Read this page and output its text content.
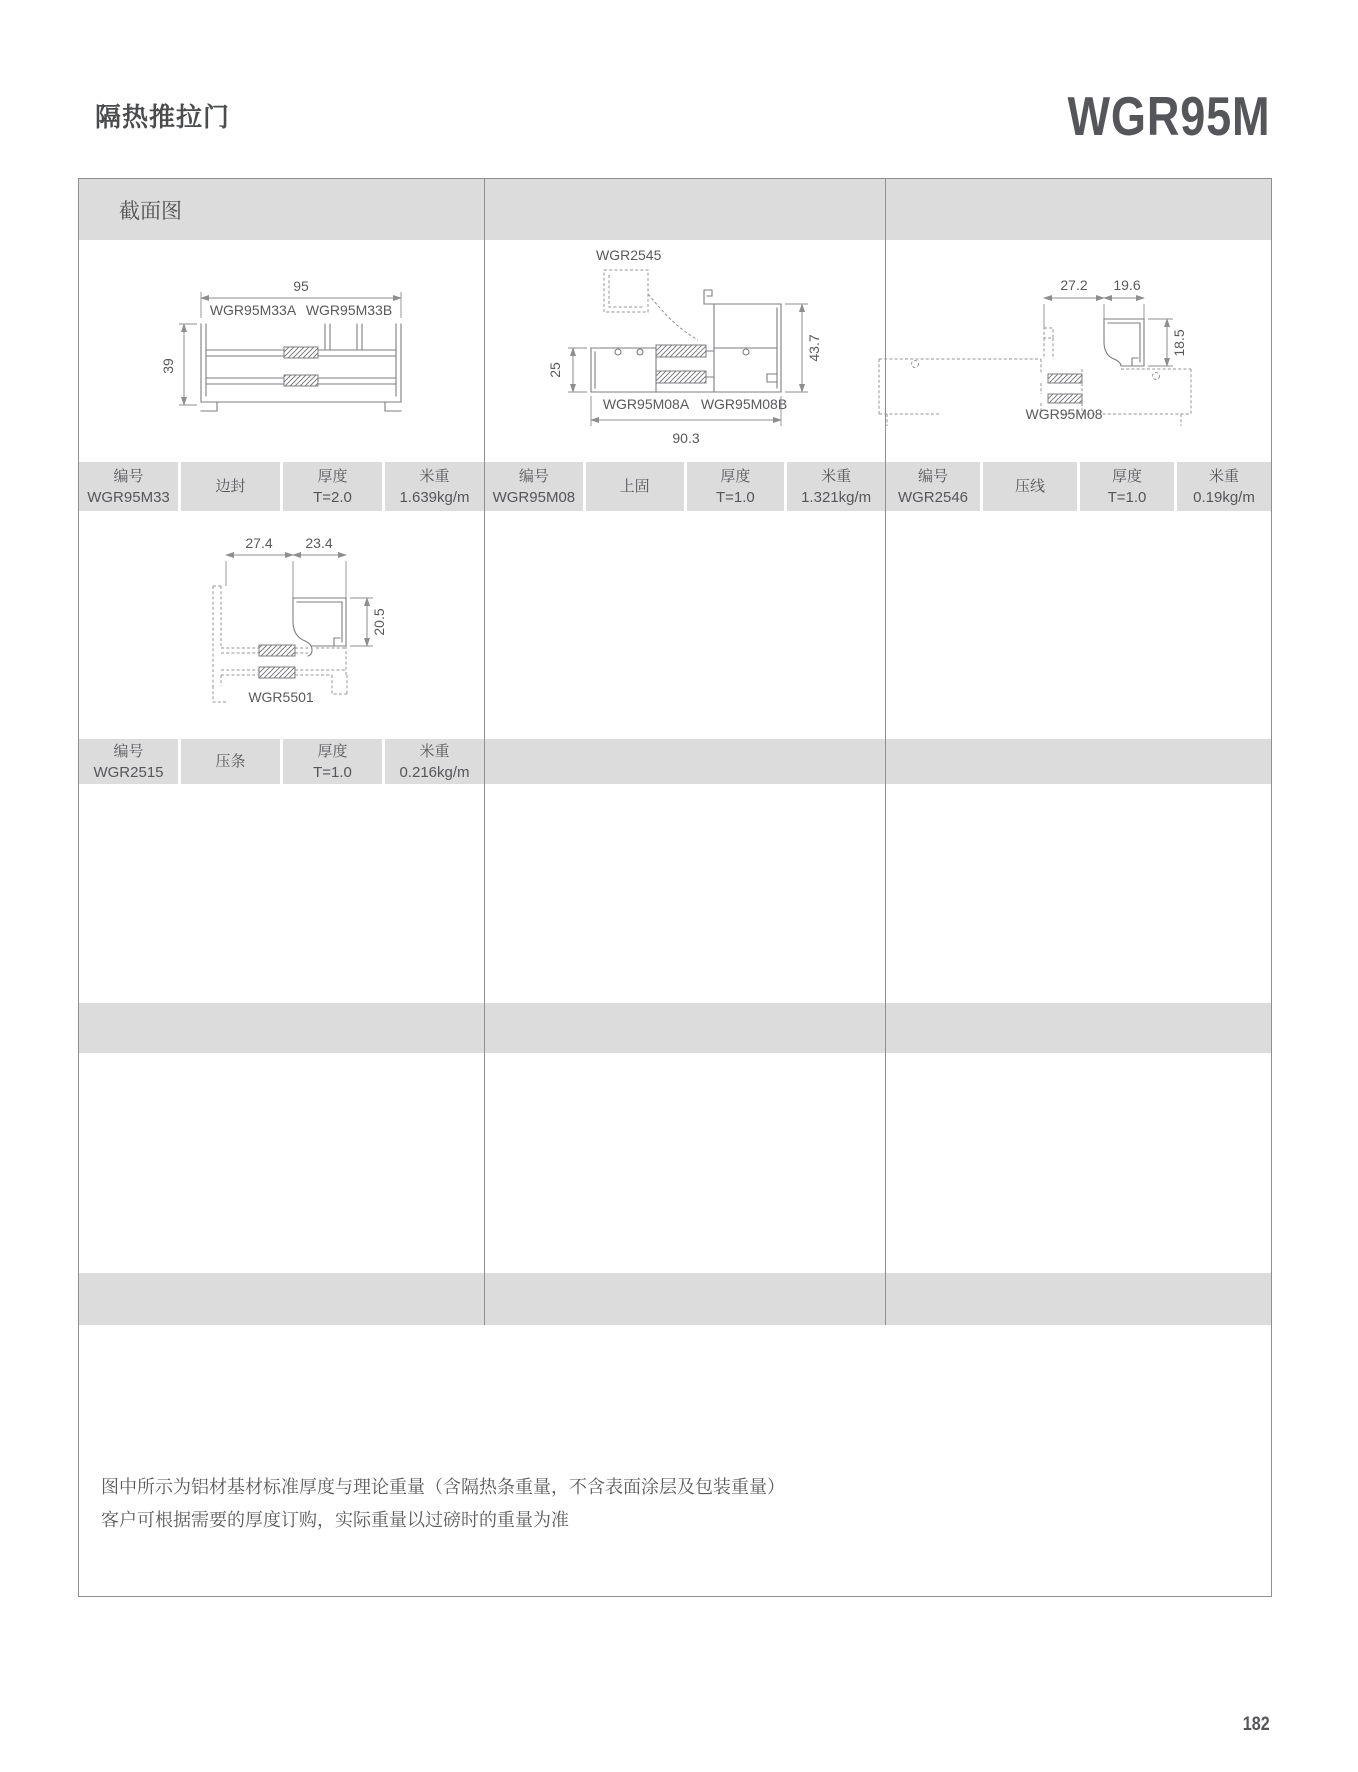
隔热推拉门	WGR95M
截面图
95
WGR95M33A WGR95M33B
39
WGR2545
25
43.7
WGR95M08A WGR95M08B
90.3
27.2 19.6
18.5
WGR95M08
27.4 23.4
20.5
WGR5501
编号
WGR95M33
边封
厚度
T=2.0
米重
1.639kg/m
编号
WGR95M08
上固
厚度
T=1.0
米重
1.321kg/m
编号
WGR2546
压线
厚度
T=1.0
米重
0.19kg/m
编号
WGR2515
压条
厚度
T=1.0
米重
0.216kg/m
图中所示为铝材基材标准厚度与理论重量（含隔热条重量，不含表面涂层及包装重量）
客户可根据需要的厚度订购，实际重量以过磅时的重量为准
182
